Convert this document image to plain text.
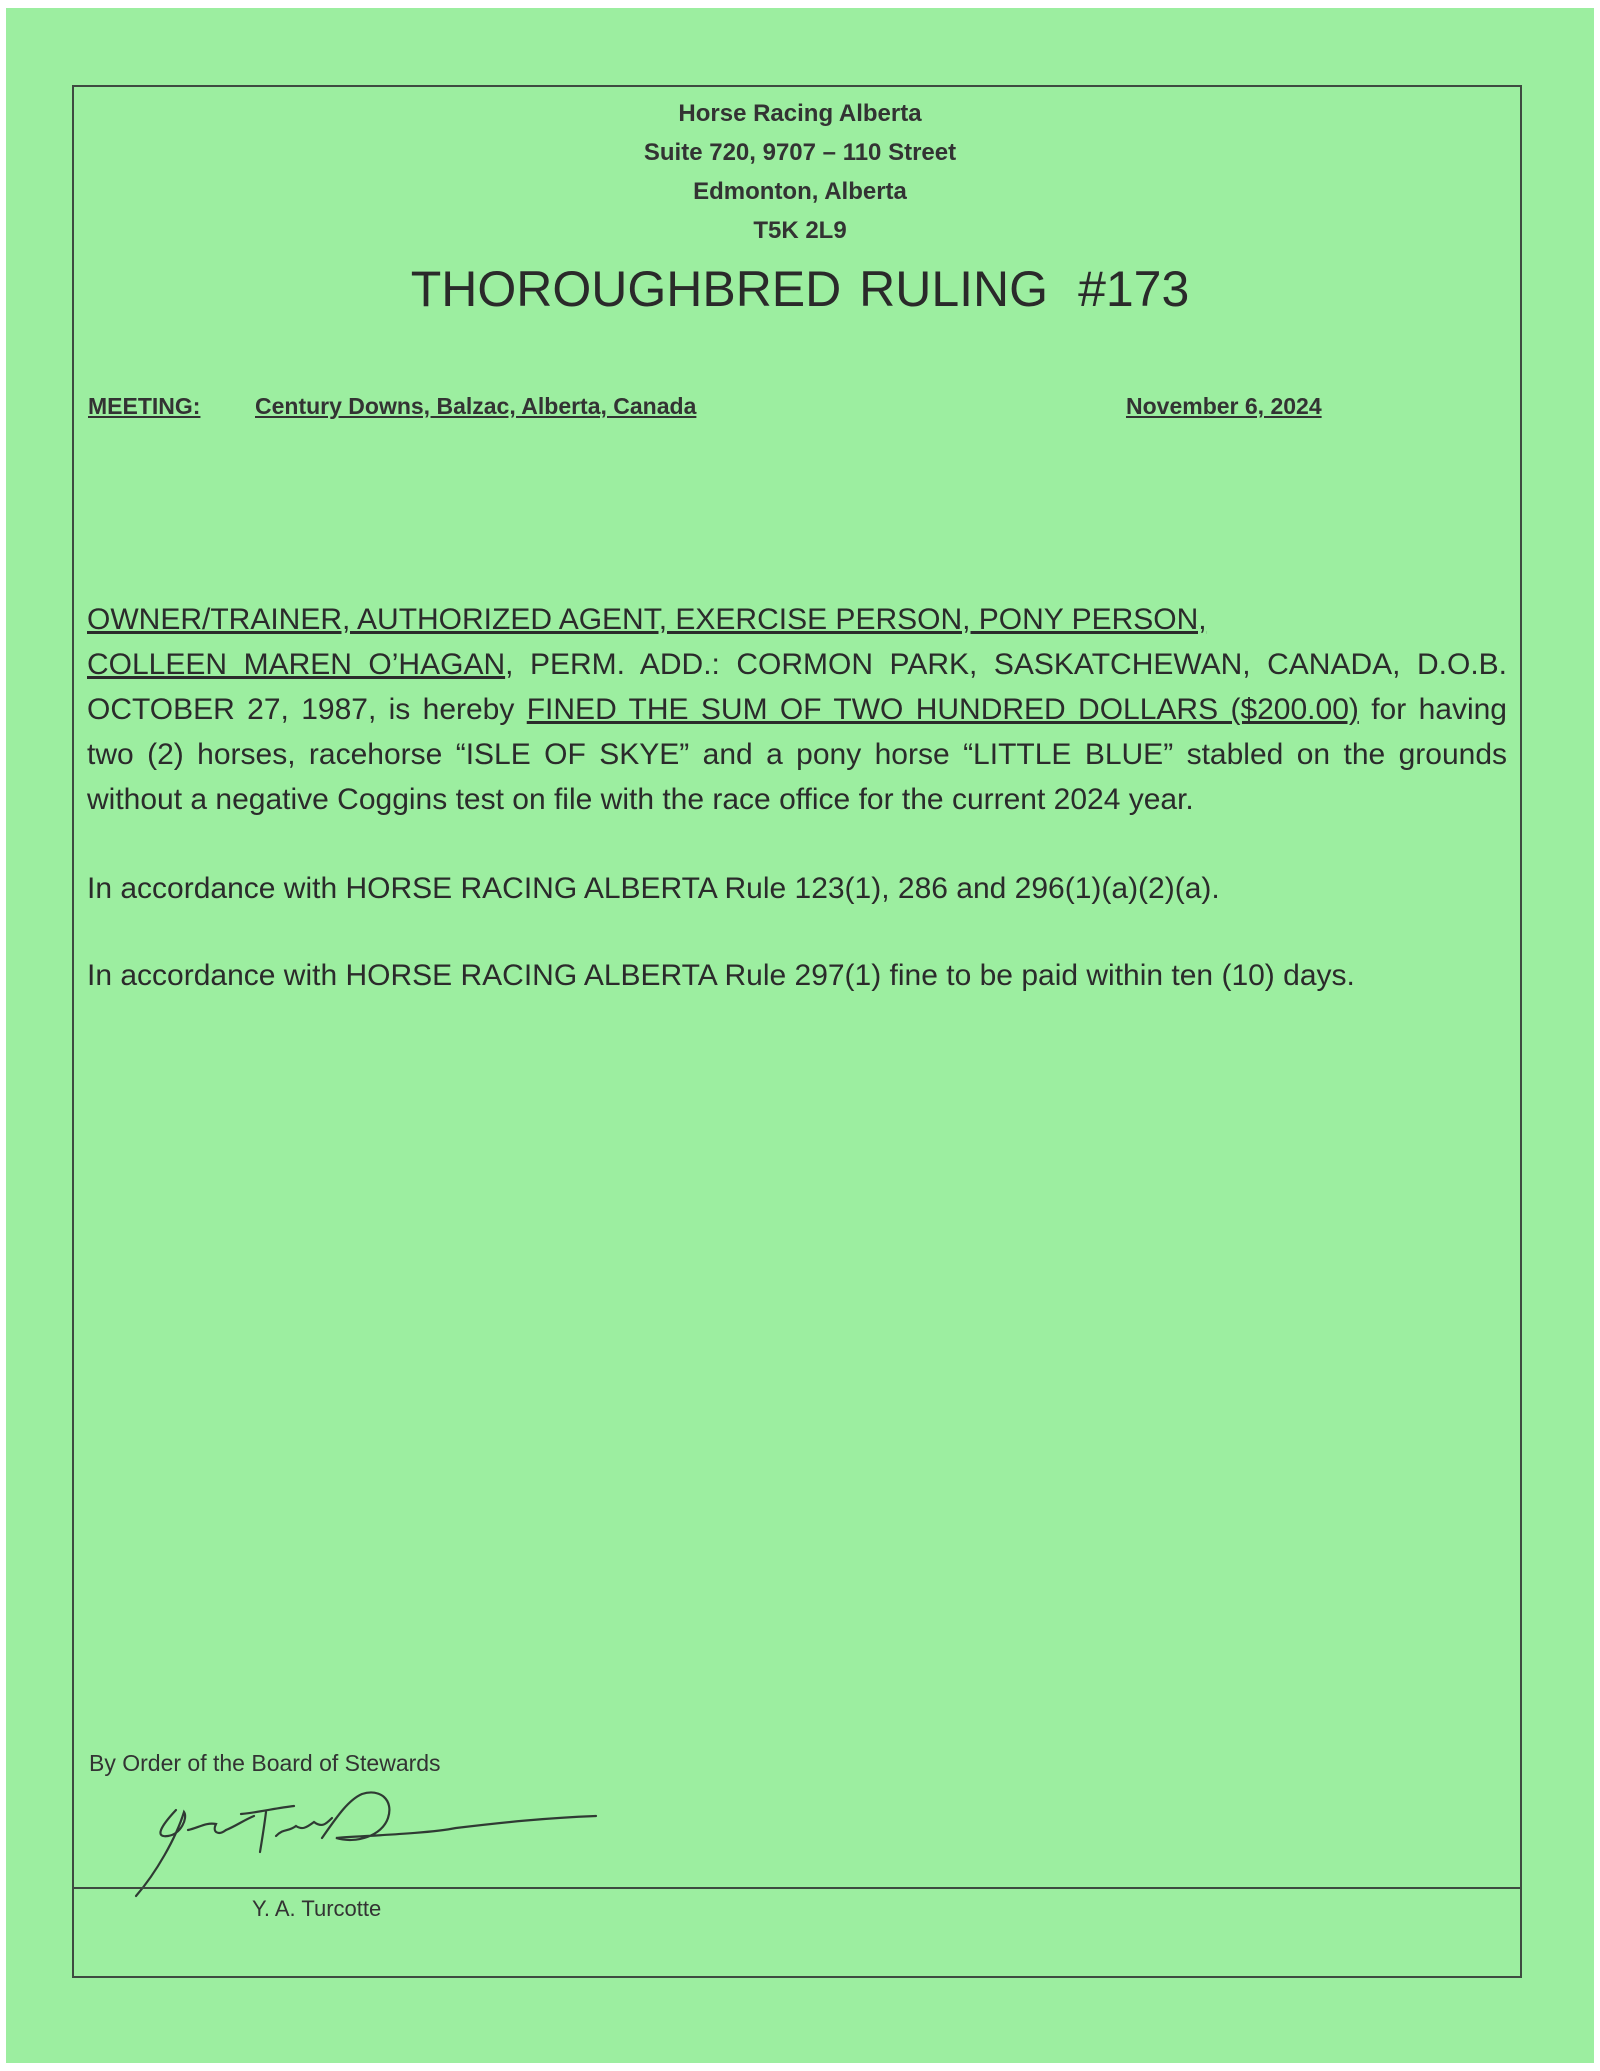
Horse Racing Alberta
Suite 720, 9707 – 110 Street
Edmonton, Alberta
T5K 2L9
THOROUGHBRED RULING #173
MEETING: Century Downs, Balzac, Alberta, Canada	November 6, 2024
OWNER/TRAINER, AUTHORIZED AGENT, EXERCISE PERSON, PONY PERSON,
COLLEEN MAREN O’HAGAN, PERM. ADD.: CORMON PARK, SASKATCHEWAN, CANADA, D.O.B.
OCTOBER 27, 1987, is hereby FINED THE SUM OF TWO HUNDRED DOLLARS ($200.00) for having
two (2) horses, racehorse “ISLE OF SKYE” and a pony horse “LITTLE BLUE” stabled on the grounds
without a negative Coggins test on file with the race office for the current 2024 year.
In accordance with HORSE RACING ALBERTA Rule 123(1), 286 and 296(1)(a)(2)(a).
In accordance with HORSE RACING ALBERTA Rule 297(1) fine to be paid within ten (10) days.
By Order of the Board of Stewards
Y. A. Turcotte
